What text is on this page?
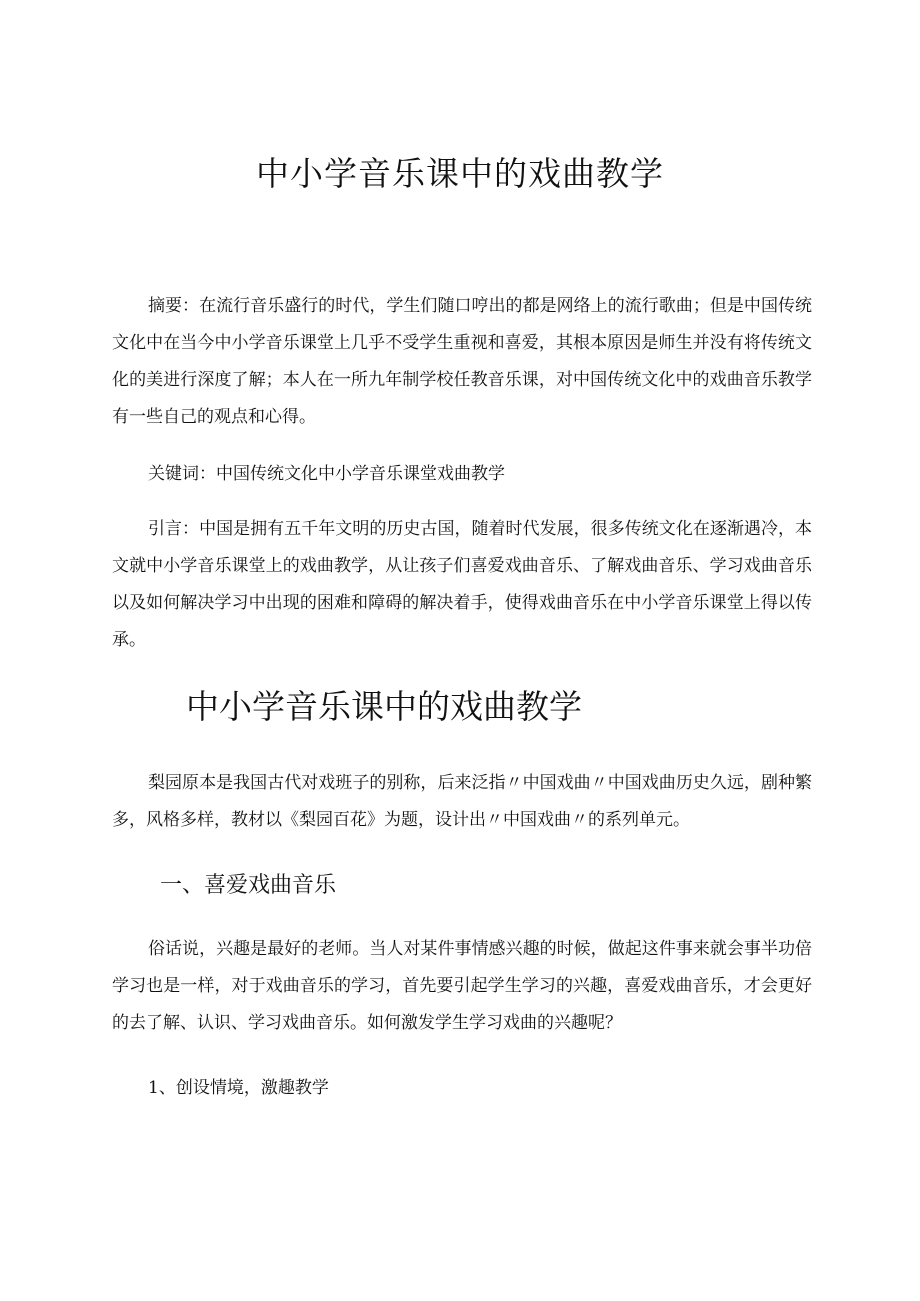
中小学音乐课中的戏曲教学

摘要：在流行音乐盛行的时代，学生们随口哼出的都是网络上的流行歌曲；但是中国传统文化中在当今中小学音乐课堂上几乎不受学生重视和喜爱，其根本原因是师生并没有将传统文化的美进行深度了解；本人在一所九年制学校任教音乐课，对中国传统文化中的戏曲音乐教学有一些自己的观点和心得。

关键词：中国传统文化中小学音乐课堂戏曲教学

引言：中国是拥有五千年文明的历史古国，随着时代发展，很多传统文化在逐渐遇冷，本文就中小学音乐课堂上的戏曲教学，从让孩子们喜爱戏曲音乐、了解戏曲音乐、学习戏曲音乐以及如何解决学习中出现的困难和障碍的解决着手，使得戏曲音乐在中小学音乐课堂上得以传承。

中小学音乐课中的戏曲教学

梨园原本是我国古代对戏班子的别称，后来泛指〃中国戏曲〃中国戏曲历史久远，剧种繁多，风格多样，教材以《梨园百花》为题，设计出〃中国戏曲〃的系列单元。

一、喜爱戏曲音乐

俗话说，兴趣是最好的老师。当人对某件事情感兴趣的时候，做起这件事来就会事半功倍学习也是一样，对于戏曲音乐的学习，首先要引起学生学习的兴趣，喜爱戏曲音乐，才会更好的去了解、认识、学习戏曲音乐。如何激发学生学习戏曲的兴趣呢？

1、创设情境，激趣教学
